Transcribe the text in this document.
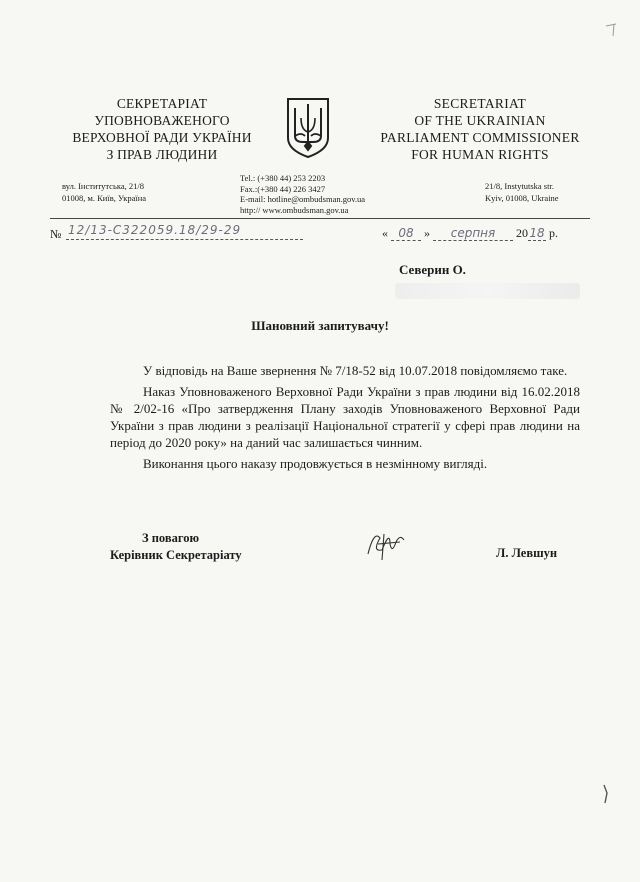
СЕКРЕТАРІАТ
УПОВНОВАЖЕНОГО
ВЕРХОВНОЇ РАДИ УКРАЇНИ
З ПРАВ ЛЮДИНИ
SECRETARIAT
OF THE UKRAINIAN
PARLIAMENT COMMISSIONER
FOR HUMAN RIGHTS
вул. Інститутська, 21/8
01008, м. Київ, Україна
Tel.: (+380 44) 253 2203
Fax.:(+380 44) 226 3427
E-mail: hotline@ombudsman.gov.ua
http:// www.ombudsman.gov.ua
21/8, Instytutska str.
Kyiv, 01008, Ukraine
№ 12/13-С322059.18/29-29	« 08 » серпня 2018 р.
Северин О.
Шановний запитувачу!

У відповідь на Ваше звернення № 7/18-52 від 10.07.2018 повідомляємо таке.

Наказ Уповноваженого Верховної Ради України з прав людини від 16.02.2018 № 2/02-16 «Про затвердження Плану заходів Уповноваженого Верховної Ради України з прав людини з реалізації Національної стратегії у сфері прав людини на період до 2020 року» на даний час залишається чинним.

Виконання цього наказу продовжується в незмінному вигляді.

З повагою
Керівник Секретаріату	Л. Левшун
